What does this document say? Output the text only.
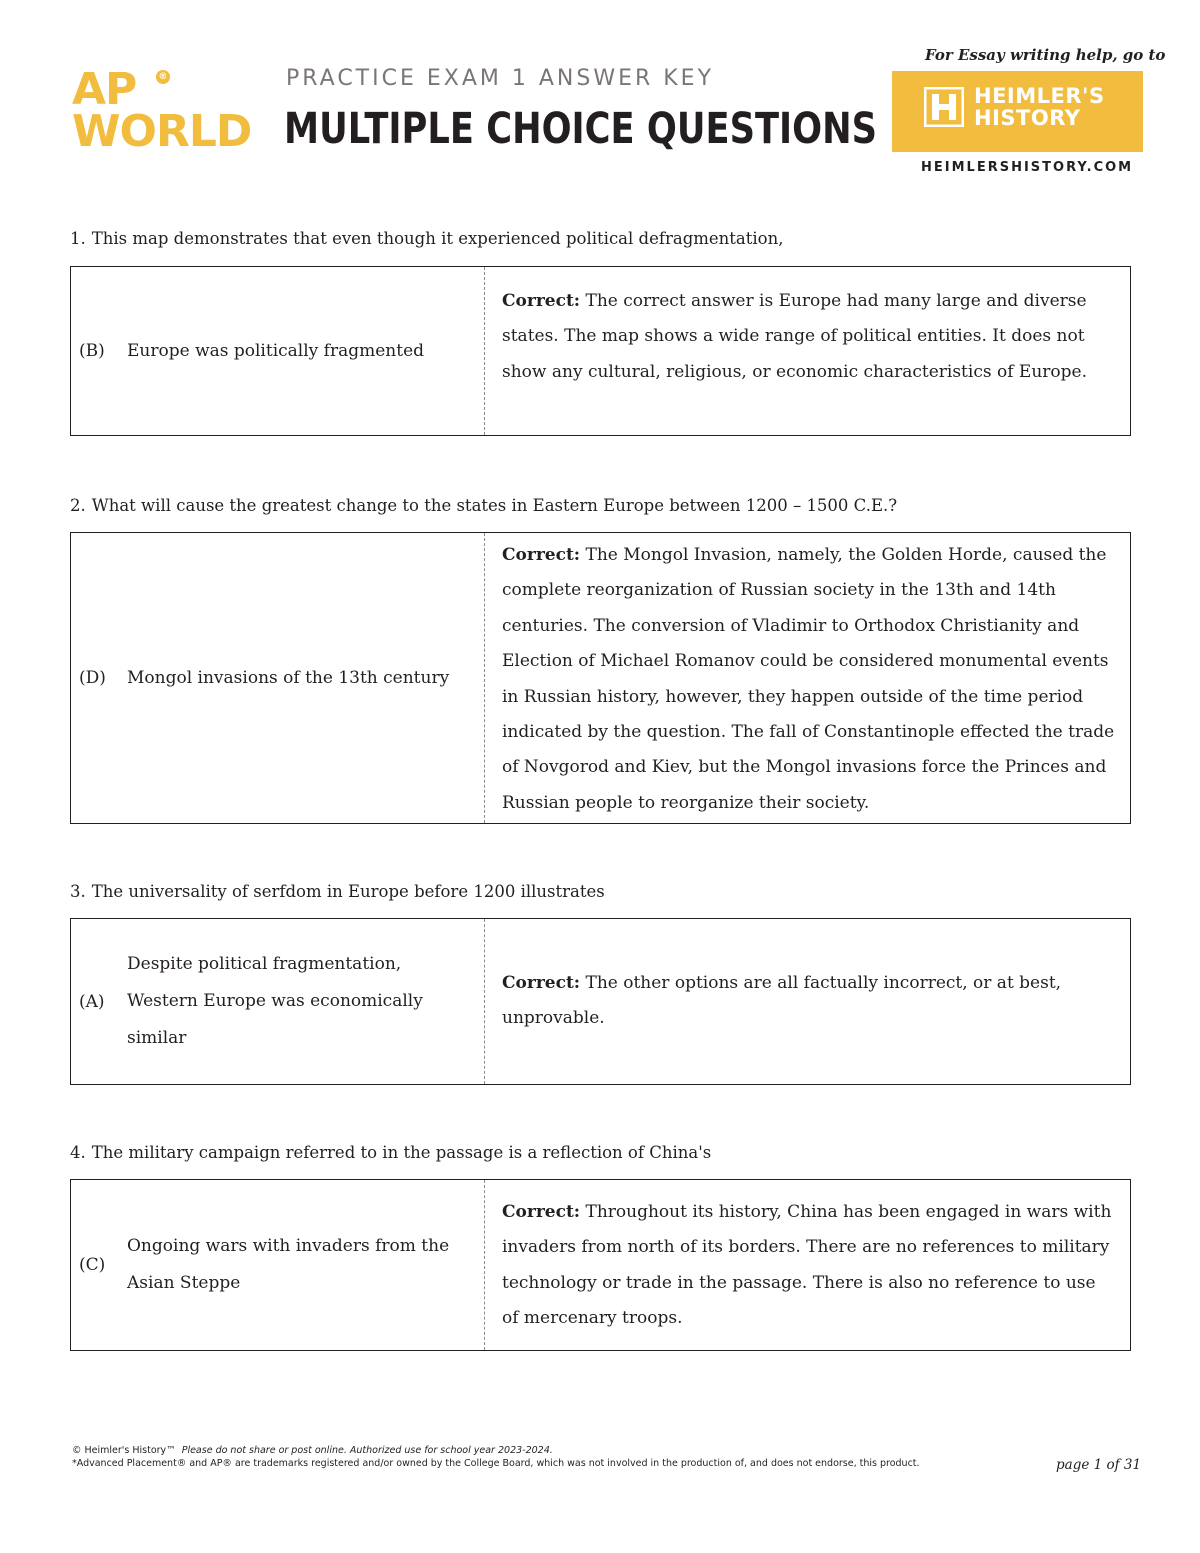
AP ®
WORLD
PRACTICE EXAM 1 ANSWER KEY
MULTIPLE CHOICE QUESTIONS
For Essay writing help, go to
HEIMLER'S
HISTORY
HEIMLERSHISTORY.COM
1. This map demonstrates that even though it experienced political defragmentation,
(B)	Europe was politically fragmented
Correct: The correct answer is Europe had many large and diverse states. The map shows a wide range of political entities. It does not show any cultural, religious, or economic characteristics of Europe.
2. What will cause the greatest change to the states in Eastern Europe between 1200 – 1500 C.E.?
(D)	Mongol invasions of the 13th century
Correct: The Mongol Invasion, namely, the Golden Horde, caused the complete reorganization of Russian society in the 13th and 14th centuries. The conversion of Vladimir to Orthodox Christianity and Election of Michael Romanov could be considered monumental events in Russian history, however, they happen outside of the time period indicated by the question. The fall of Constantinople effected the trade of Novgorod and Kiev, but the Mongol invasions force the Princes and Russian people to reorganize their society.
3. The universality of serfdom in Europe before 1200 illustrates
(A)
Despite political fragmentation, Western Europe was economically similar
Correct: The other options are all factually incorrect, or at best, unprovable.
4. The military campaign referred to in the passage is a reflection of China's
(C)
Ongoing wars with invaders from the Asian Steppe
Correct: Throughout its history, China has been engaged in wars with invaders from north of its borders. There are no references to military technology or trade in the passage. There is also no reference to use of mercenary troops.
© Heimler's History™ Please do not share or post online. Authorized use for school year 2023-2024.
*Advanced Placement® and AP® are trademarks registered and/or owned by the College Board, which was not involved in the production of, and does not endorse, this product.	page 1 of 31
